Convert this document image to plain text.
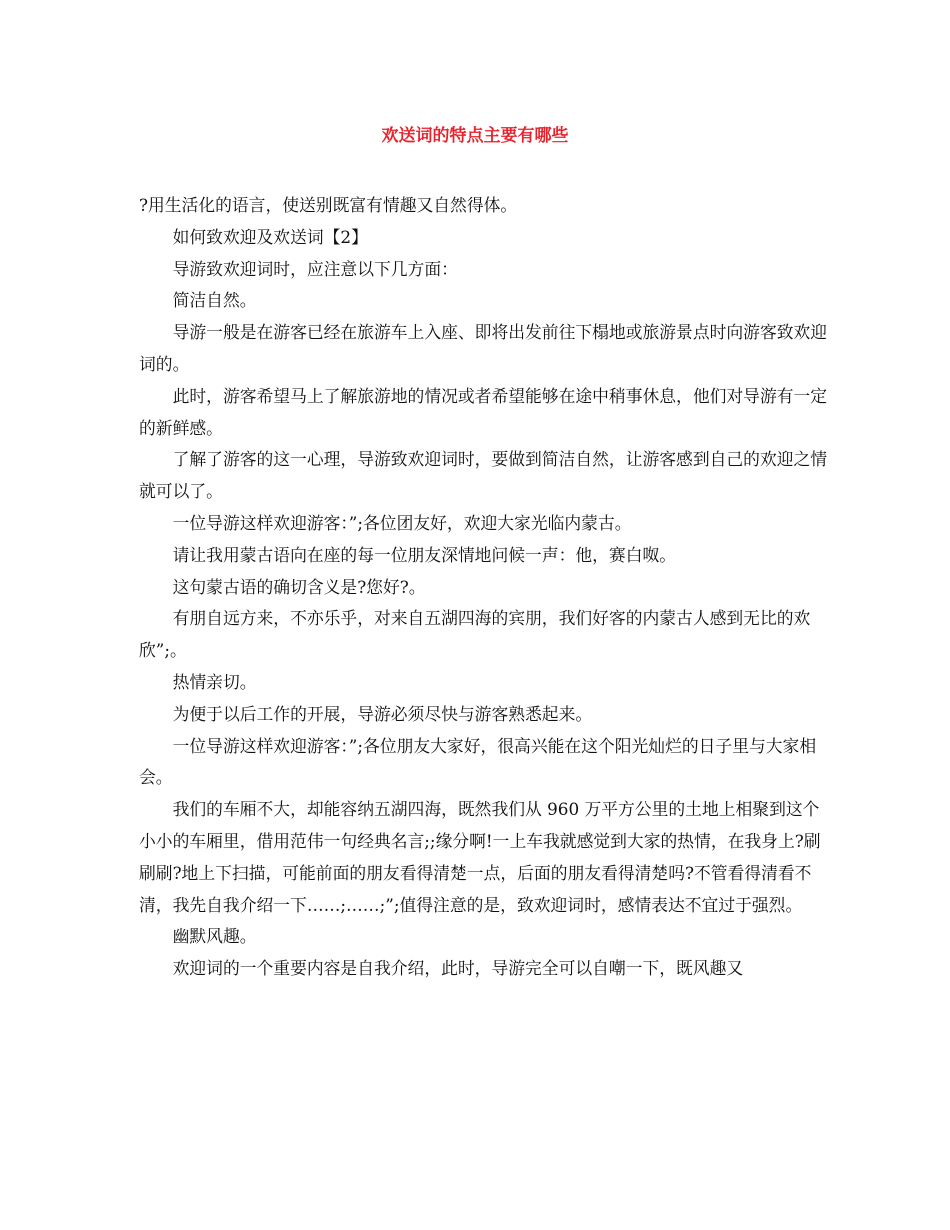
欢送词的特点主要有哪些

?用生活化的语言，使送别既富有情趣又自然得体。

如何致欢迎及欢送词【2】

导游致欢迎词时，应注意以下几方面：

简洁自然。

导游一般是在游客已经在旅游车上入座、即将出发前往下榻地或旅游景点时向游客致欢迎词的。

此时，游客希望马上了解旅游地的情况或者希望能够在途中稍事休息，他们对导游有一定的新鲜感。

了解了游客的这一心理，导游致欢迎词时，要做到简洁自然，让游客感到自己的欢迎之情就可以了。

一位导游这样欢迎游客：”;各位团友好，欢迎大家光临内蒙古。

请让我用蒙古语向在座的每一位朋友深情地问候一声：他，赛白呶。

这句蒙古语的确切含义是?您好?。

有朋自远方来，不亦乐乎，对来自五湖四海的宾朋，我们好客的内蒙古人感到无比的欢欣”;。

热情亲切。

为便于以后工作的开展，导游必须尽快与游客熟悉起来。

一位导游这样欢迎游客：”;各位朋友大家好，很高兴能在这个阳光灿烂的日子里与大家相会。

我们的车厢不大，却能容纳五湖四海，既然我们从 960 万平方公里的土地上相聚到这个小小的车厢里，借用范伟一句经典名言;;缘分啊!一上车我就感觉到大家的热情，在我身上?刷刷刷?地上下扫描，可能前面的朋友看得清楚一点，后面的朋友看得清楚吗?不管看得清看不清，我先自我介绍一下……;……;”;值得注意的是，致欢迎词时，感情表达不宜过于强烈。

幽默风趣。

欢迎词的一个重要内容是自我介绍，此时，导游完全可以自嘲一下，既风趣又
